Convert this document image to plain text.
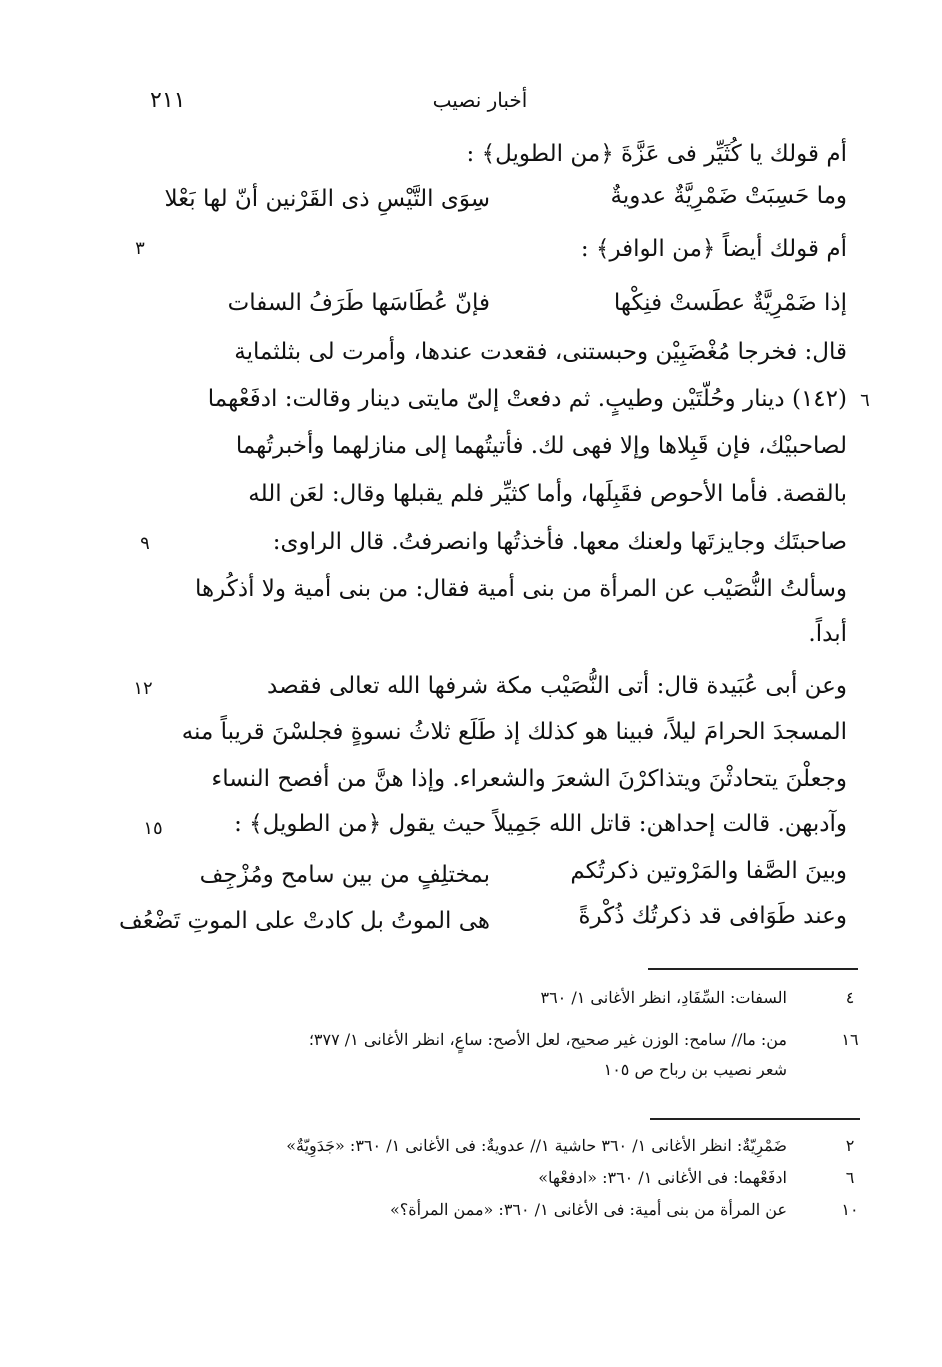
أخبار نصيب
٢١١
أم قولك يا كُثَيِّر فى عَزَّةَ ﴿من الطويل﴾ :
وما حَسِبَتْ ضَمْرِيَّةٌ عدويةٌ
سِوَى التَّيْسِ ذى القَرْنين أنّ لها بَعْلا
أم قولك أيضاً ﴿من الوافر﴾ :
٣
إذا ضَمْرِيَّةٌ عطَستْ فنِكْها
فإنّ عُطَاسَها طَرَفُ السفات
قال: فخرجا مُغْضَبِيْن وحبستنى، فقعدت عندها، وأمرت لى بثلثماية
(١٤٢) دينار وحُلّتَيْن وطيبٍ. ثم دفعتْ إلىّ مايتى دينار وقالت: ادفَعْهما ٦
لصاحبيْك، فإن قَبِلاها وإلا فهى لك. فأتيتُهما إلى منازلهما وأخبرتُهما
بالقصة. فأما الأحوص فقَبِلَها، وأما كثيِّر فلم يقبلها وقال: لعَن الله
صاحبتَك وجايزتَها ولعنك معها. فأخذتُها وانصرفتُ. قال الراوى:
٩
وسألتُ النُّصَيْب عن المرأة من بنى أمية فقال: من بنى أمية ولا أذكُرها
أبداً.
وعن أبى عُبَيدة قال: أتى النُّصَيْب مكة شرفها الله تعالى فقصد
١٢
المسجدَ الحرامَ ليلاً، فبينا هو كذلك إذ طَلَع ثلاثُ نسوةٍ فجلسْنَ قريباً منه
وجعلْنَ يتحادثْنَ ويتذاكرْنَ الشعرَ والشعراء. وإذا هنَّ من أفصح النساء
وآدبهن. قالت إحداهن: قاتل الله جَمِيلاً حيث يقول ﴿من الطويل﴾ :
١٥
وبينَ الصَّفا والمَرْوتين ذكرتُكم
بمختلِفٍ من بين سامح ومُزْجِف
وعند طَوَافى قد ذكرتُك ذُكْرةً
هى الموتُ بل كادتْ على الموتِ تَضْعُف
٤
السفات: السِّفَادِ، انظر الأغانى ١/ ٣٦٠
١٦
من: ما// سامح: الوزن غير صحيح، لعل الأصح: ساعٍ، انظر الأغانى ١/ ٣٧٧؛
شعر نصيب بن رباح ص ١٠٥
٢
ضَمْرِيّةٌ: انظر الأغانى ١/ ٣٦٠ حاشية ١// عدويةٌ: فى الأغانى ١/ ٣٦٠: «جَدَوِيّةٌ»
٦
ادفَعْهما: فى الأغانى ١/ ٣٦٠: «ادفعْها»
١٠
عن المرأة من بنى أمية: فى الأغانى ١/ ٣٦٠: «ممن المرأة؟»
